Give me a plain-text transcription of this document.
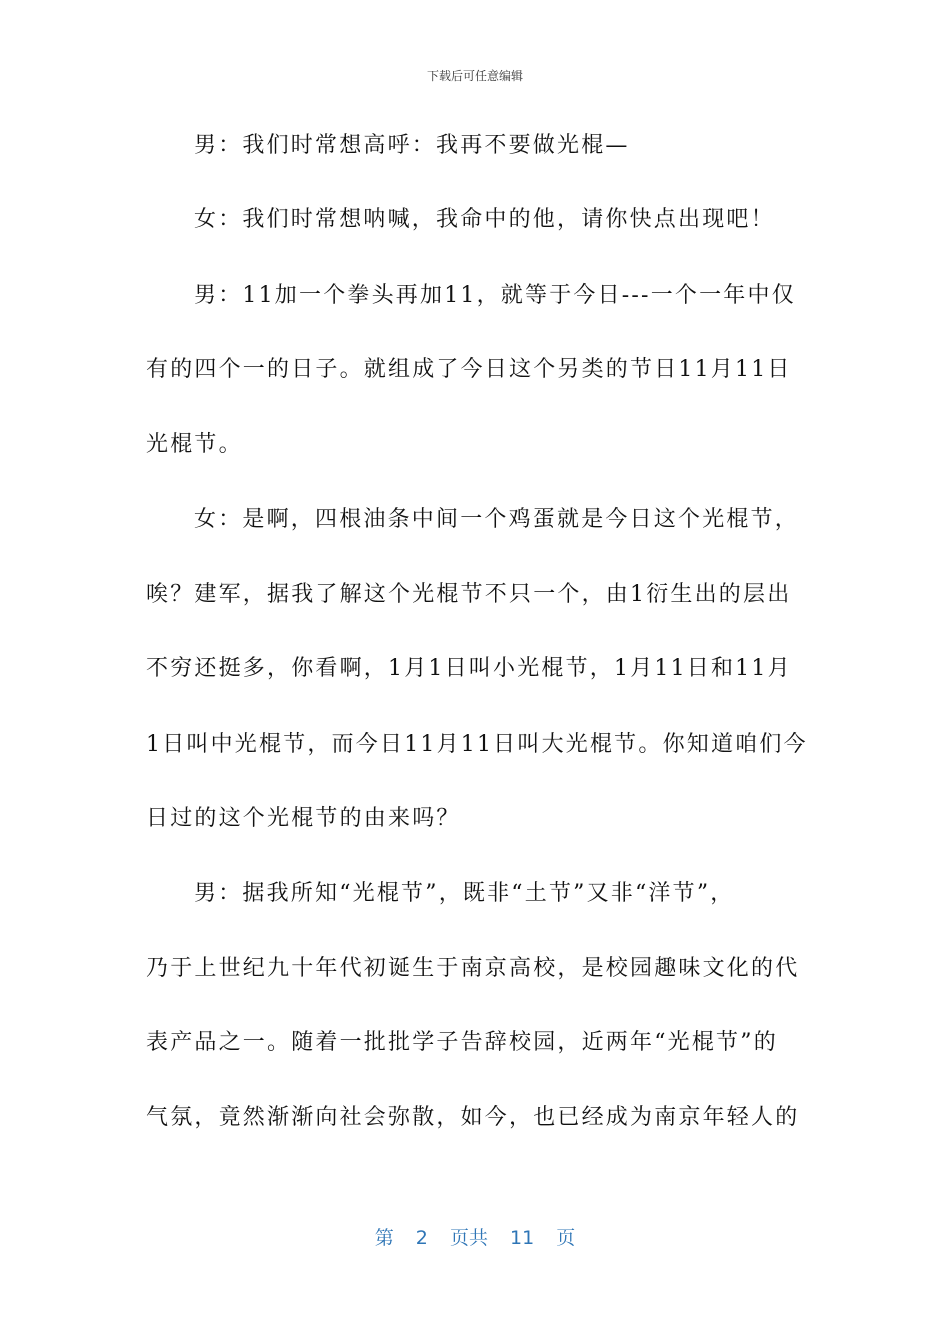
下载后可任意编辑
男：我们时常想高呼：我再不要做光棍—
女：我们时常想呐喊，我命中的他，请你快点出现吧！
男：11加一个拳头再加11，就等于今日---一个一年中仅
有的四个一的日子。就组成了今日这个另类的节日11月11日
光棍节。
女：是啊，四根油条中间一个鸡蛋就是今日这个光棍节，
唉？建军，据我了解这个光棍节不只一个，由1衍生出的层出
不穷还挺多，你看啊，1月1日叫小光棍节，1月11日和11月
1日叫中光棍节，而今日11月11日叫大光棍节。你知道咱们今
日过的这个光棍节的由来吗？
男：据我所知“光棍节”，既非“土节”又非“洋节”，
乃于上世纪九十年代初诞生于南京高校，是校园趣味文化的代
表产品之一。随着一批批学子告辞校园，近两年“光棍节”的
气氛，竟然渐渐向社会弥散，如今，也已经成为南京年轻人的
第 2 页共 11 页
